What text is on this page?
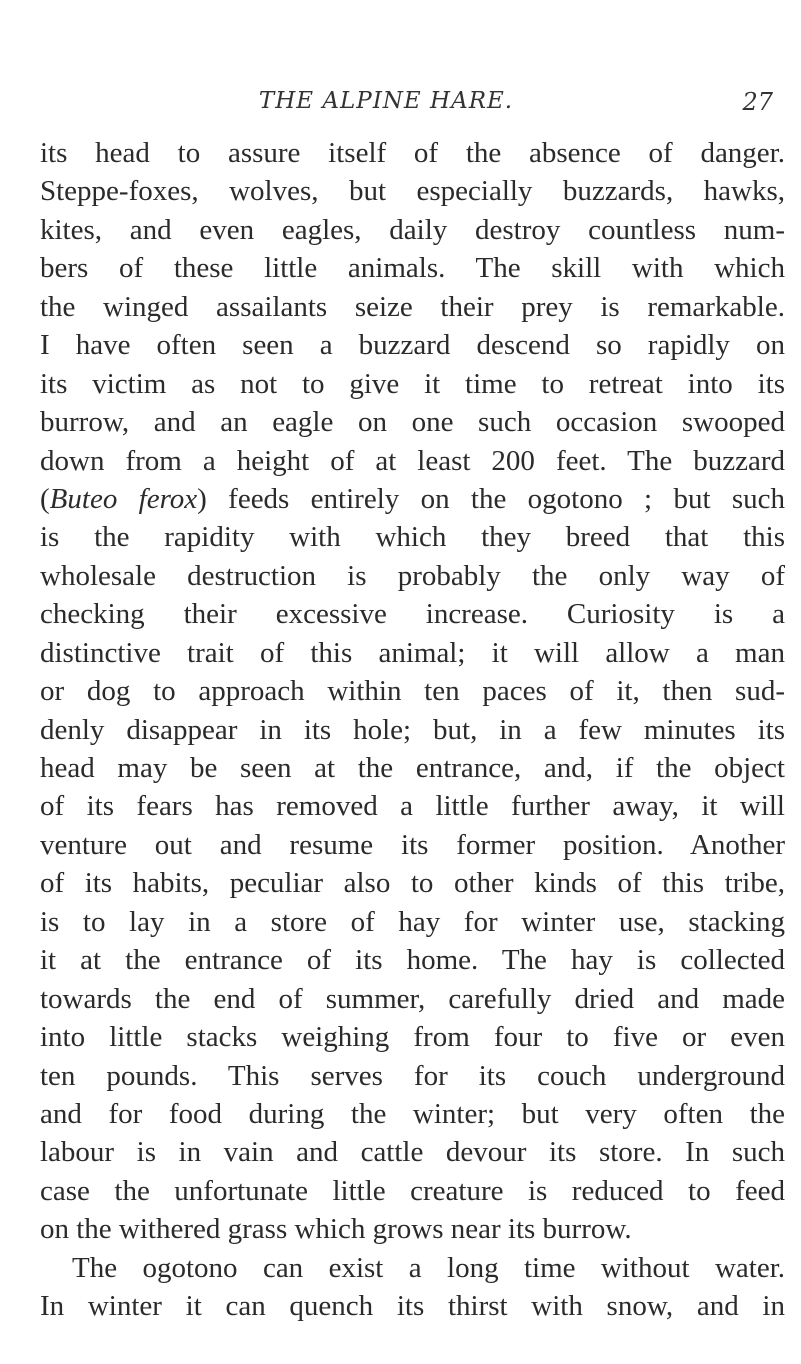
THE ALPINE HARE.	27
its head to assure itself of the absence of danger.
Steppe-foxes, wolves, but especially buzzards, hawks,
kites, and even eagles, daily destroy countless num-
bers of these little animals. The skill with which
the winged assailants seize their prey is remarkable.
I have often seen a buzzard descend so rapidly on
its victim as not to give it time to retreat into its
burrow, and an eagle on one such occasion swooped
down from a height of at least 200 feet. The buzzard
(Buteo ferox) feeds entirely on the ogotono ; but such
is the rapidity with which they breed that this
wholesale destruction is probably the only way of
checking their excessive increase. Curiosity is a
distinctive trait of this animal; it will allow a man
or dog to approach within ten paces of it, then sud-
denly disappear in its hole; but, in a few minutes its
head may be seen at the entrance, and, if the object
of its fears has removed a little further away, it will
venture out and resume its former position. Another
of its habits, peculiar also to other kinds of this tribe,
is to lay in a store of hay for winter use, stacking
it at the entrance of its home. The hay is collected
towards the end of summer, carefully dried and made
into little stacks weighing from four to five or even
ten pounds. This serves for its couch underground
and for food during the winter; but very often the
labour is in vain and cattle devour its store. In such
case the unfortunate little creature is reduced to feed
on the withered grass which grows near its burrow.
The ogotono can exist a long time without water.
In winter it can quench its thirst with snow, and in
